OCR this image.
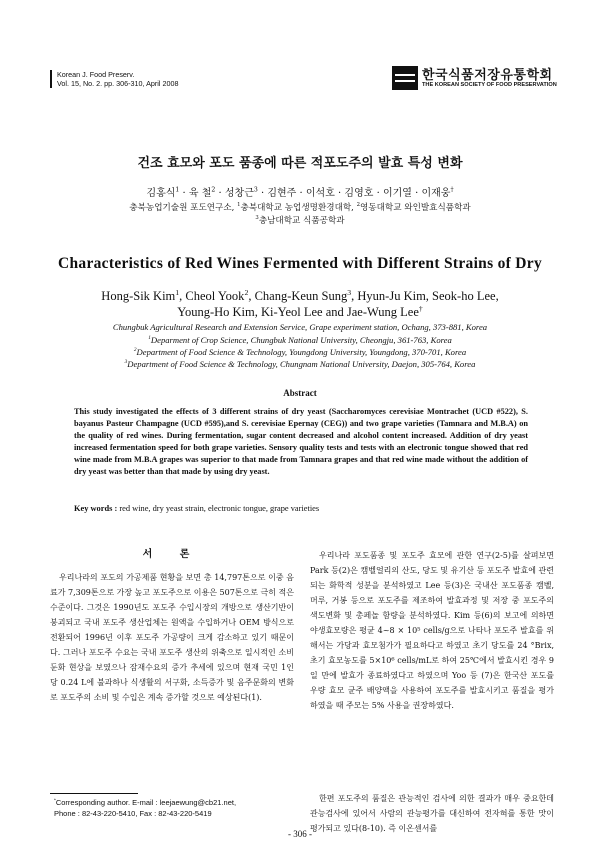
Korean J. Food Preserv.
Vol. 15, No. 2. pp. 306-310, April 2008
한국식품저장유통학회
THE KOREAN SOCIETY OF FOOD PRESERVATION
건조 효모와 포도 품종에 따른 적포도주의 발효 특성 변화
김홍식$^1$ · 육 철$^2$ · 성창근$^3$ · 김현주 · 이석호 · 김영호 · 이기열 · 이재웅†
충북농업기술원 포도연구소, $^1$충북대학교 농업생명환경대학, $^2$영동대학교 와인발효식품학과
$^3$충남대학교 식품공학과
Characteristics of Red Wines Fermented with Different Strains of Dry
Hong-Sik Kim$^1$, Cheol Yook$^2$, Chang-Keun Sung$^3$, Hyun-Ju Kim, Seok-ho Lee,
Young-Ho Kim, Ki-Yeol Lee and Jae-Wung Lee†
Chungbuk Agricultural Research and Extension Service, Grape experiment station, Ochang, 373-881, Korea
$^1$Deparment of Crop Science, Chungbuk National University, Cheongju, 361-763, Korea
$^2$Department of Food Science & Technology, Youngdong University, Youngdong, 370-701, Korea
$^3$Department of Food Science & Technology, Chungnam National University, Daejon, 305-764, Korea
Abstract
This study investigated the effects of 3 different strains of dry yeast (Saccharomyces cerevisiae Montrachet (UCD #522), S. bayanus Pasteur Champagne (UCD #595),and S. cerevisiae Epernay (CEG)) and two grape varieties (Tamnara and M.B.A) on the quality of red wines. During fermentation, sugar content decreased and alcohol content increased. Addition of dry yeast increased fermentation speed for both grape varieties. Sensory quality tests and tests with an electronic tongue showed that red wine made from M.B.A grapes was superior to that made from Tamnara grapes and that red wine made without the addition of dry yeast was better than that made by using dry yeast.
Key words : red wine, dry yeast strain, electronic tongue, grape varieties
서 론
우리나라의 포도의 가공제품 현황을 보면 총 14,797톤으로 이중 음료가 7,309톤으로 가장 높고 포도주으로 이용은 507톤으로 극히 적은 수준이다. 그것은 1990년도 포도주 수입시장의 개방으로 생산기반이 붕괴되고 국내 포도주 생산업체는 원액을 수입하거나 OEM 방식으로 전환되어 1996년 이후 포도주 가공량이 크게 감소하고 있기 때문이다. 그러나 포도주 수요는 국내 포도주 생산의 위축으로 일시적인 소비둔화 현상을 보였으나 잠재수요의 증가 추세에 있으며 현재 국민 1인당 0.24 L에 불과하나 식생활의 서구화, 소득증가 및 음주문화의 변화로 포도주의 소비 및 수입은 계속 증가할 것으로 예상된다(1).
우리나라 포도품종 및 포도주 효모에 관한 연구(2-5)를 살펴보면 Park 등(2)은 캠벨얼리의 산도, 당도 및 유기산 등 포도주 발효에 관련되는 화학적 성분을 분석하였고 Lee 등(3)은 국내산 포도품종 캠벨, 머루, 거봉 등으로 포도주를 제조하여 발효과정 및 저장 중 포도주의 색도변화 및 총페놀 함량을 분석하였다. Kim 등(6)의 보고에 의하면 야생효모량은 평균 4~8 × 10⁵ cells/g으로 나타나 포도주 발효를 위해서는 가당과 효모첨가가 필요하다고 하였고 초기 당도를 24 °Brix, 초기 효모농도를 5×10⁶ cells/mL로 하여 25℃에서 발효시킨 경우 9일 만에 발효가 종료하였다고 하였으며 Yoo 등 (7)은 한국산 포도를 우량 효모 균주 배양액을 사용하여 포도주를 발효시키고 품질을 평가하였을 때 주모는 5% 사용을 권장하였다.
한편 포도주의 품질은 관능적인 검사에 의한 결과가 매우 중요한데 관능검사에 있어서 사람의 관능평가를 대신하여 전자혀를 통한 맛이 평가되고 있다(8-10). 즉 이온센서를
*Corresponding author. E-mail : leejaewung@cb21.net,
Phone : 82-43-220-5410, Fax : 82-43-220-5419
- 306 -
